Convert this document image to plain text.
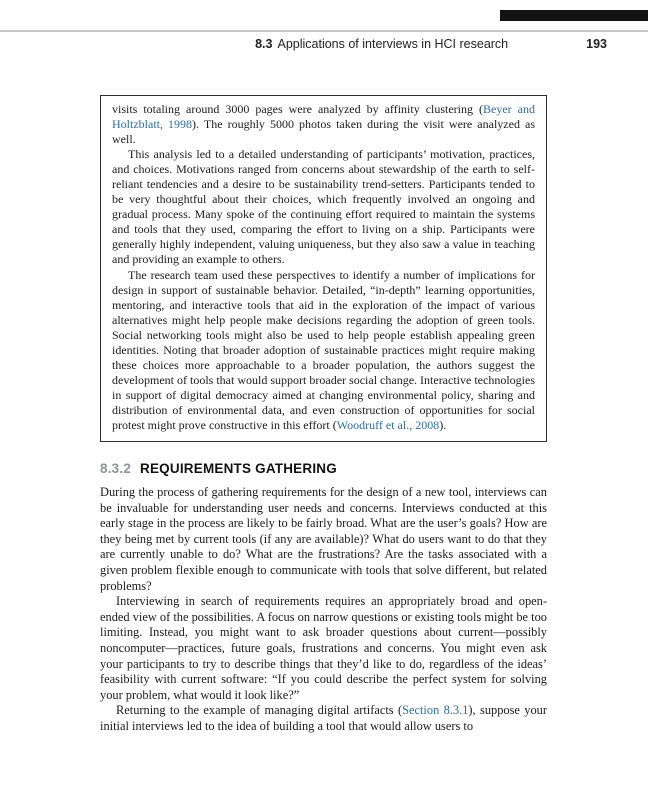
8.3 Applications of interviews in HCI research	193

visits totaling around 3000 pages were analyzed by affinity clustering (Beyer and Holtzblatt, 1998). The roughly 5000 photos taken during the visit were analyzed as well.

This analysis led to a detailed understanding of participants’ motivation, practices, and choices. Motivations ranged from concerns about stewardship of the earth to self-reliant tendencies and a desire to be sustainability trend-setters. Participants tended to be very thoughtful about their choices, which frequently involved an ongoing and gradual process. Many spoke of the continuing effort required to maintain the systems and tools that they used, comparing the effort to living on a ship. Participants were generally highly independent, valuing uniqueness, but they also saw a value in teaching and providing an example to others.

The research team used these perspectives to identify a number of implications for design in support of sustainable behavior. Detailed, “in-depth” learning opportunities, mentoring, and interactive tools that aid in the exploration of the impact of various alternatives might help people make decisions regarding the adoption of green tools. Social networking tools might also be used to help people establish appealing green identities. Noting that broader adoption of sustainable practices might require making these choices more approachable to a broader population, the authors suggest the development of tools that would support broader social change. Interactive technologies in support of digital democracy aimed at changing environmental policy, sharing and distribution of environmental data, and even construction of opportunities for social protest might prove constructive in this effort (Woodruff et al., 2008).

8.3.2 REQUIREMENTS GATHERING

During the process of gathering requirements for the design of a new tool, interviews can be invaluable for understanding user needs and concerns. Interviews conducted at this early stage in the process are likely to be fairly broad. What are the user’s goals? How are they being met by current tools (if any are available)? What do users want to do that they are currently unable to do? What are the frustrations? Are the tasks associated with a given problem flexible enough to communicate with tools that solve different, but related problems?

Interviewing in search of requirements requires an appropriately broad and open-ended view of the possibilities. A focus on narrow questions or existing tools might be too limiting. Instead, you might want to ask broader questions about current—possibly noncomputer—practices, future goals, frustrations and concerns. You might even ask your participants to try to describe things that they’d like to do, regardless of the ideas’ feasibility with current software: “If you could describe the perfect system for solving your problem, what would it look like?”

Returning to the example of managing digital artifacts (Section 8.3.1), suppose your initial interviews led to the idea of building a tool that would allow users to
